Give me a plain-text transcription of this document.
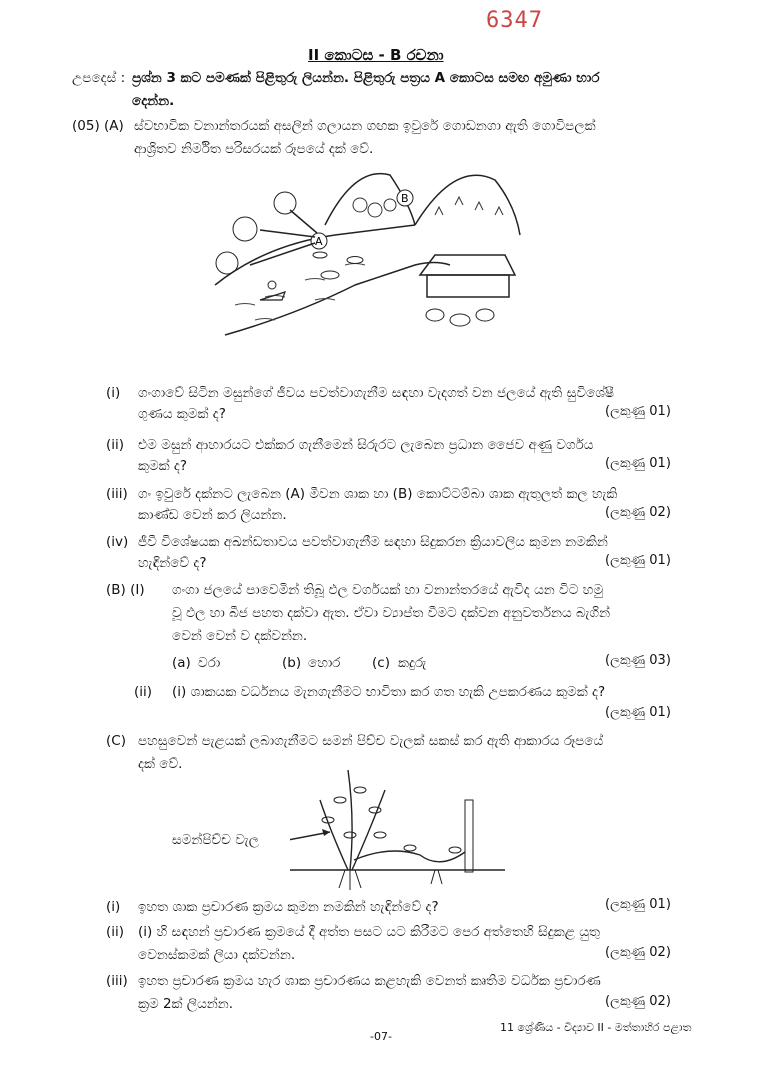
6347
II කොටස - B රචනා
උපදෙස් : ප්‍රශ්න 3 කට පමණක් පිළිතුරු ලියන්න. පිළිතුරු පත්‍රය A කොටස සමඟ අමුණා භාර
දෙන්න.
(05) (A) ස්වභාවික වනාන්තරයක් අසලින් ගලායන ගඟක ඉවුරේ ගොඩනගා ඇති ගොවිපලක්
ආශ්‍රිතව නිර්මිත පරිසරයක් රූපයේ දක් වේ.
A
B
(i) ගංගාවේ සිටින මසුන්ගේ ජීවය පවත්වාගැනීම සඳහා වැදගත් වන ජලයේ ඇති සුවිශේෂී
ගුණය කුමක් ද?	(ලකුණු 01)
(ii) එම මසුන් ආහාරයට එක්කර ගැනීමෙන් සිරුරට ලැබෙන ප්‍රධාන ජෛව අණු වර්ගය
කුමක් ද?	(ලකුණු 01)
(iii) ගං ඉවුරේ දක්නට ලැබෙන (A) මීවන ශාක හා (B) කොට්ටම්බා ශාක ඇතුලත් කල හැකි
කාණ්ඩ වෙන් කර ලියන්න.	(ලකුණු 02)
(iv) ජීවී විශේෂයක අඛන්ඩතාවය පවත්වාගැනීම සඳහා සිදුකරන ක්‍රියාවලිය කුමන නමකින්
හැඳින්වේ ද?	(ලකුණු 01)
(B) (I) ගංගා ජලයේ පාවෙමින් තිබූ ඵල වර්ගයක් හා වනාන්තරයේ ඇවිද යන විට හමු
වූ ඵල හා බීජ පහත දක්වා ඇත. ඒවා ව්‍යාප්ත වීමට දක්වන අනුවර්තනය බැගින්
වෙන් වෙන් ව දක්වන්න.
(a) වරා	(b) හොර (c) කදුරු	(ලකුණු 03)
(ii) (i) ශාකයක වර්ධනය මැනගැනීමට භාවිතා කර ගත හැකි උපකරණය කුමක් ද?
(ලකුණු 01)
(C) පහසුවෙන් පැළයක් ලබාගැනීමට සමන් පිච්ච වැලක් සකස් කර ඇති ආකාරය රූපයේ
දක් වේ.
සමන්පිච්ච වැල
(i) ඉහත ශාක ප්‍රචාරණ ක්‍රමය කුමන නමකින් හැඳින්වේ ද?	(ලකුණු 01)
(ii) (i) හි සඳහන් ප්‍රචාරණ ක්‍රමයේ දී අත්ත පසට යට කිරීමට පෙර අත්තෙහි සිදුකළ යුතු
වෙනස්කමක් ලියා දක්වන්න.	(ලකුණු 02)
(iii) ඉහත ප්‍රචාරණ ක්‍රමය හැර ශාක ප්‍රචාරණය කළහැකි වෙනත් කෘතිම වර්ධක ප්‍රචාරණ
ක්‍රම 2ක් ලියන්න.	(ලකුණු 02)
-07-
11 ශ්‍රේණිය - විද්‍යාව II - මත්තාහිර පළාත
